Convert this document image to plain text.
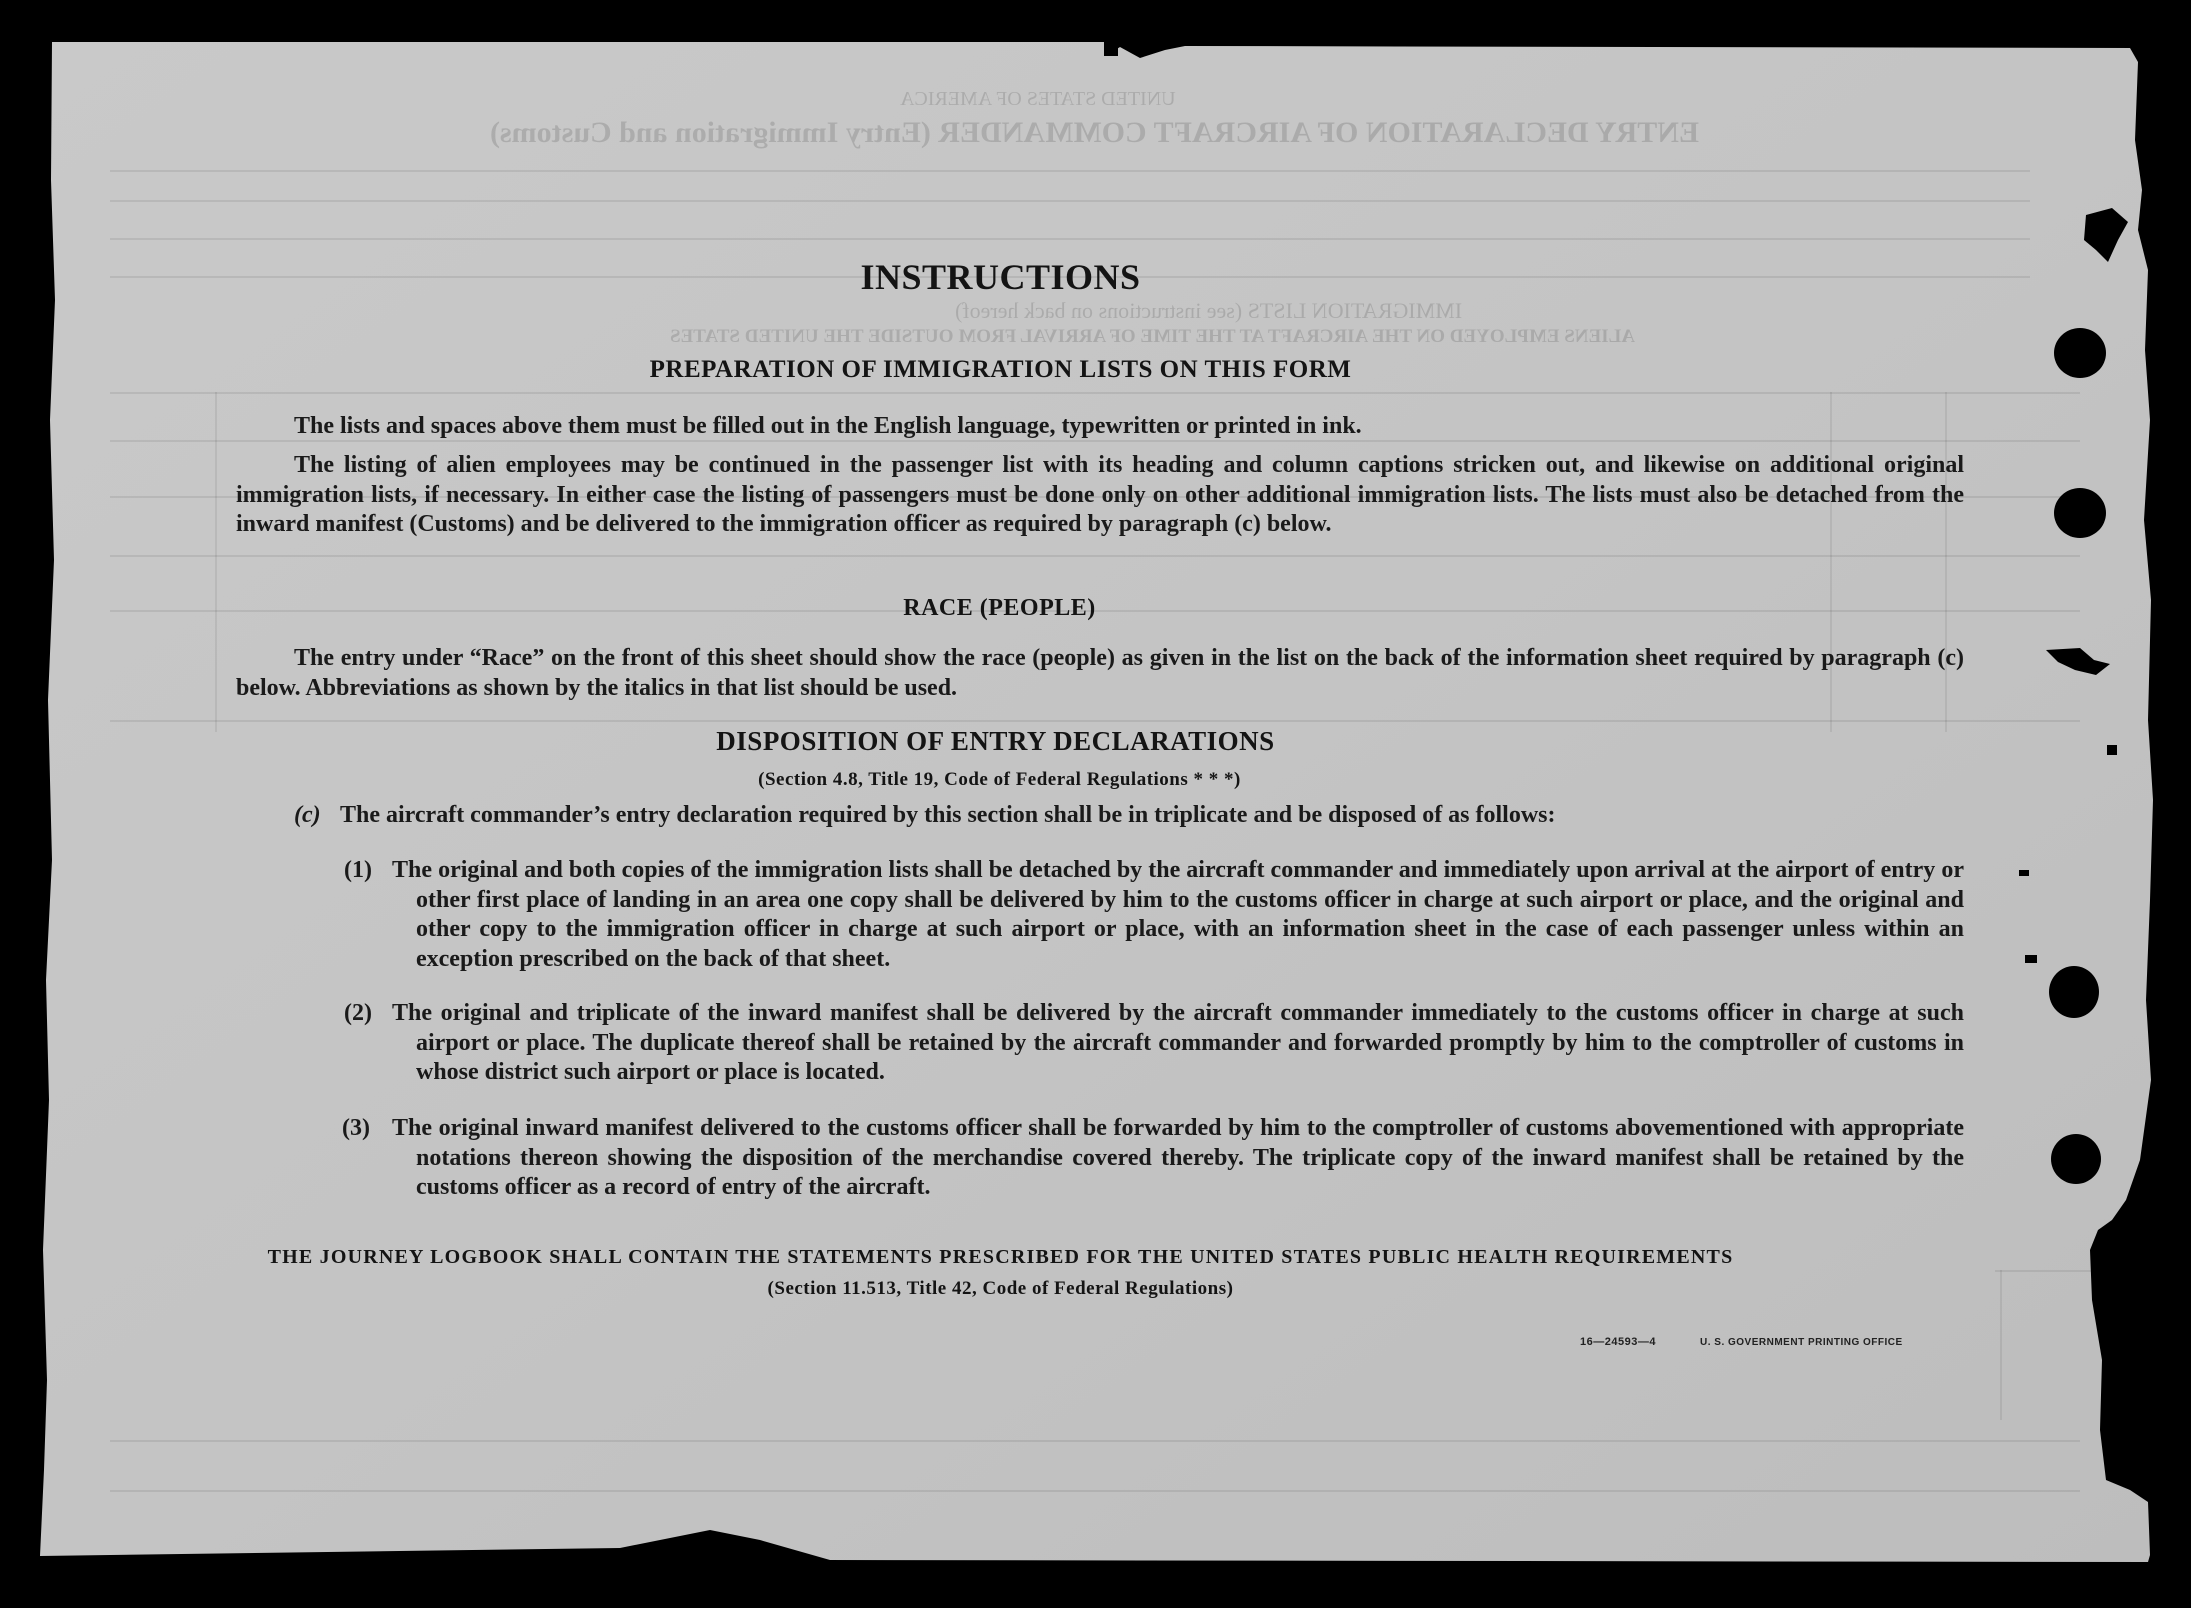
UNITED STATES OF AMERICA
ENTRY DECLARATION OF AIRCRAFT COMMANDER (Entry Immigration and Customs)
IMMIGRATION LISTS (see instructions on back hereof)
ALIENS EMPLOYED ON THE AIRCRAFT AT THE TIME OF ARRIVAL FROM OUTSIDE THE UNITED STATES
INSTRUCTIONS
PREPARATION OF IMMIGRATION LISTS ON THIS FORM
The lists and spaces above them must be filled out in the English language, typewritten or printed in ink.
The listing of alien employees may be continued in the passenger list with its heading and column captions stricken out, and likewise on additional original immigration lists, if necessary. In either case the listing of passengers must be done only on other additional immigration lists. The lists must also be detached from the inward manifest (Customs) and be delivered to the immigration officer as required by paragraph (c) below.
RACE (PEOPLE)
The entry under “Race” on the front of this sheet should show the race (people) as given in the list on the back of the information sheet required by paragraph (c) below. Abbreviations as shown by the italics in that list should be used.
DISPOSITION OF ENTRY DECLARATIONS
(Section 4.8, Title 19, Code of Federal Regulations * * *)
(c) The aircraft commander’s entry declaration required by this section shall be in triplicate and be disposed of as follows:
(1) The original and both copies of the immigration lists shall be detached by the aircraft commander and immediately upon arrival at the airport of entry or other first place of landing in an area one copy shall be delivered by him to the customs officer in charge at such airport or place, and the original and other copy to the immigration officer in charge at such airport or place, with an information sheet in the case of each passenger unless within an exception prescribed on the back of that sheet.
(2) The original and triplicate of the inward manifest shall be delivered by the aircraft commander immediately to the customs officer in charge at such airport or place. The duplicate thereof shall be retained by the aircraft commander and forwarded promptly by him to the comptroller of customs in whose district such airport or place is located.
(3) The original inward manifest delivered to the customs officer shall be forwarded by him to the comptroller of customs abovementioned with appropriate notations thereon showing the disposition of the merchandise covered thereby. The triplicate copy of the inward manifest shall be retained by the customs officer as a record of entry of the aircraft.
THE JOURNEY LOGBOOK SHALL CONTAIN THE STATEMENTS PRESCRIBED FOR THE UNITED STATES PUBLIC HEALTH REQUIREMENTS
(Section 11.513, Title 42, Code of Federal Regulations)
16—24593—4	U. S. GOVERNMENT PRINTING OFFICE
